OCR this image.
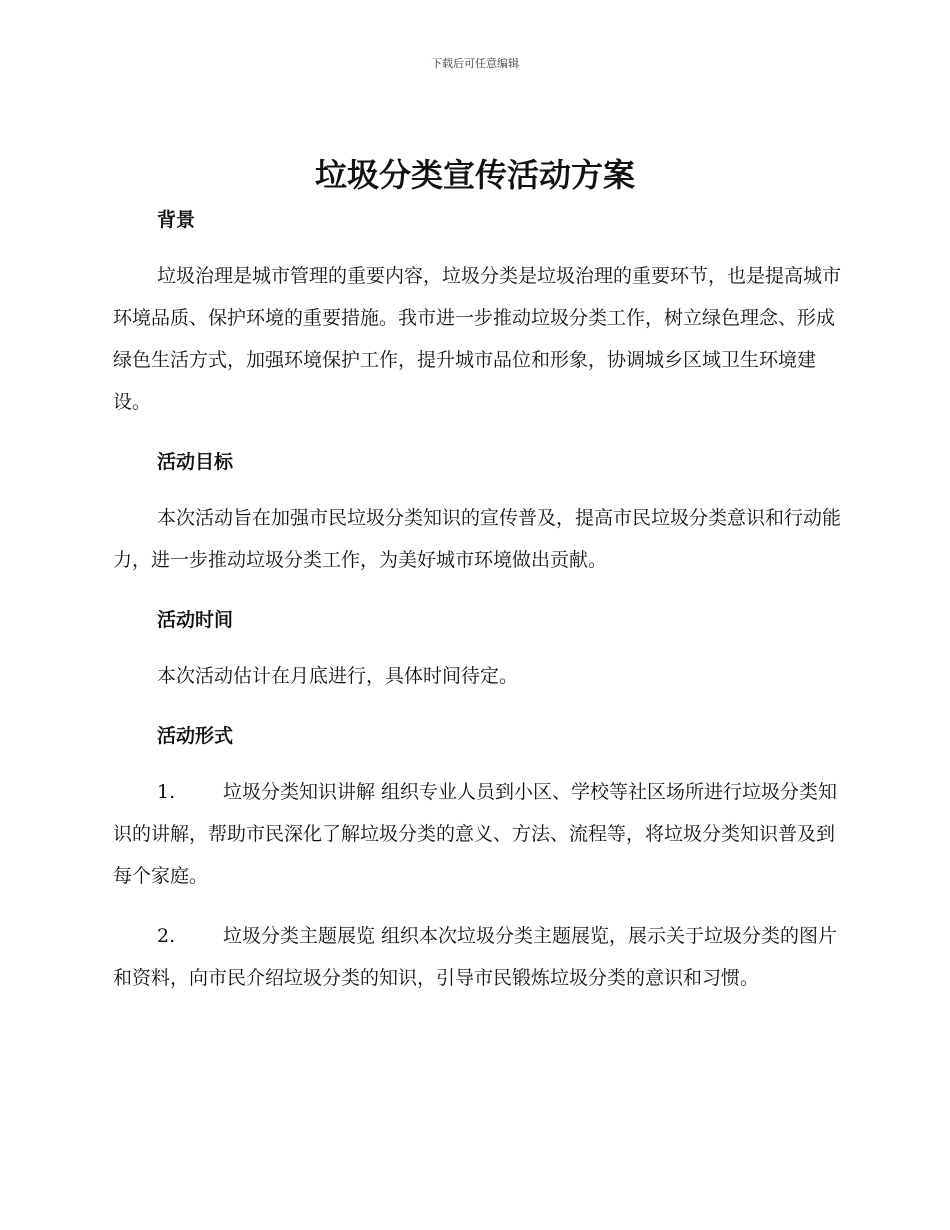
下载后可任意编辑
垃圾分类宣传活动方案
背景

垃圾治理是城市管理的重要内容，垃圾分类是垃圾治理的重要环节，也是提高城市环境品质、保护环境的重要措施。我市进一步推动垃圾分类工作，树立绿色理念、形成绿色生活方式，加强环境保护工作，提升城市品位和形象，协调城乡区域卫生环境建设。

活动目标

本次活动旨在加强市民垃圾分类知识的宣传普及，提高市民垃圾分类意识和行动能力，进一步推动垃圾分类工作，为美好城市环境做出贡献。

活动时间

本次活动估计在月底进行，具体时间待定。

活动形式

1.	垃圾分类知识讲解 组织专业人员到小区、学校等社区场所进行垃圾分类知识的讲解，帮助市民深化了解垃圾分类的意义、方法、流程等，将垃圾分类知识普及到每个家庭。

2.	垃圾分类主题展览 组织本次垃圾分类主题展览，展示关于垃圾分类的图片和资料，向市民介绍垃圾分类的知识，引导市民锻炼垃圾分类的意识和习惯。
